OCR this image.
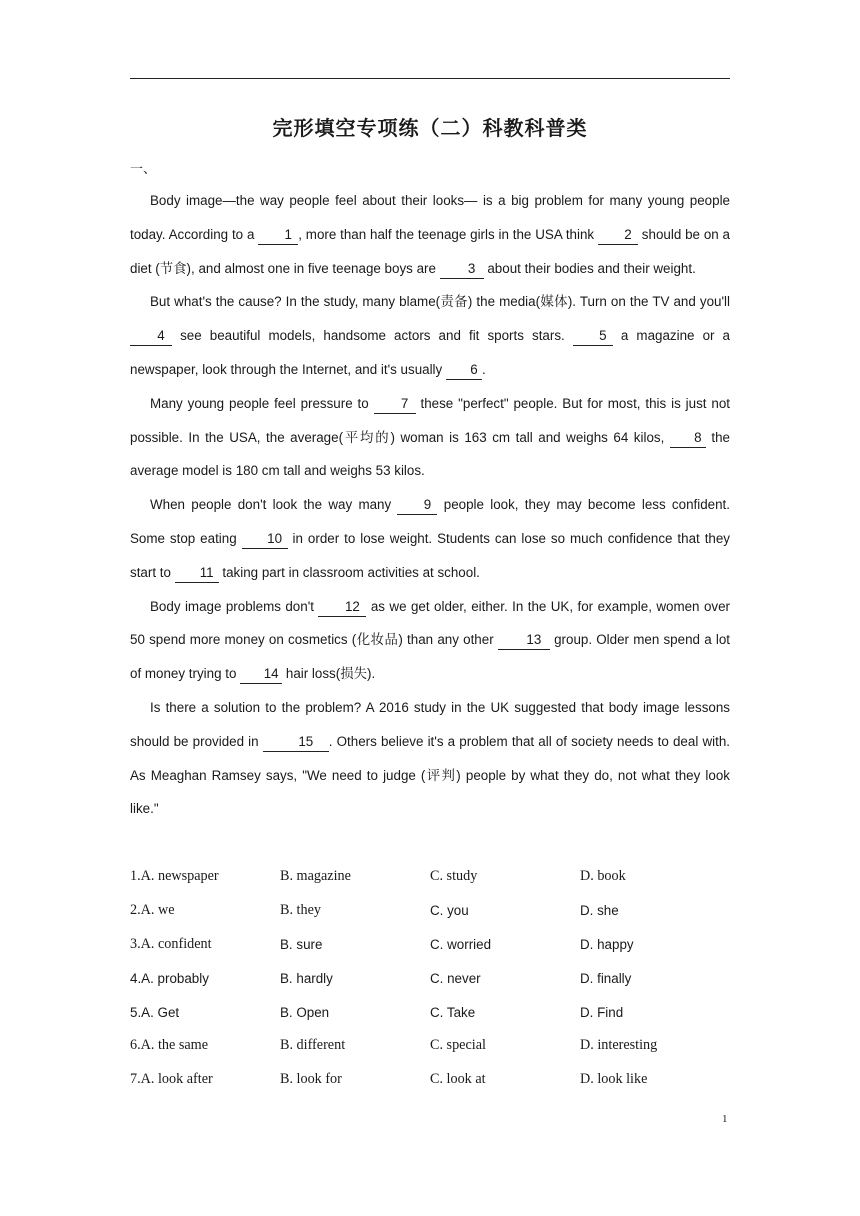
完形填空专项练（二）科教科普类
一、

Body image—the way people feel about their looks— is a big problem for many young people today. According to a 1 , more than half the teenage girls in the USA think 2 should be on a diet (节食), and almost one in five teenage boys are 3 about their bodies and their weight.

But what's the cause? In the study, many blame(责备) the media(媒体). Turn on the TV and you'll 4 see beautiful models, handsome actors and fit sports stars. 5 a magazine or a newspaper, look through the Internet, and it's usually 6 .

Many young people feel pressure to 7 these "perfect" people. But for most, this is just not possible. In the USA, the average(平均的) woman is 163 cm tall and weighs 64 kilos, 8 the average model is 180 cm tall and weighs 53 kilos.

When people don't look the way many 9 people look, they may become less confident. Some stop eating 10 in order to lose weight. Students can lose so much confidence that they start to 11 taking part in classroom activities at school.

Body image problems don't 12 as we get older, either. In the UK, for example, women over 50 spend more money on cosmetics (化妆品) than any other 13 group. Older men spend a lot of money trying to 14 hair loss(损失).

Is there a solution to the problem? A 2016 study in the UK suggested that body image lessons should be provided in	15 . Others believe it's a problem that all of society needs to deal with. As Meaghan Ramsey says, "We need to judge (评判) people by what they do, not what they look like."

1.A. newspaper	B. magazine	C. study	D. book
2.A. we	B. they	C. you	D. she
3.A. confident	B. sure	C. worried	D. happy
4.A. probably	B. hardly	C. never	D. finally
5.A. Get	B. Open	C. Take	D. Find
6.A. the same	B. different	C. special	D. interesting
7.A. look after	B. look for	C. look at	D. look like
1
